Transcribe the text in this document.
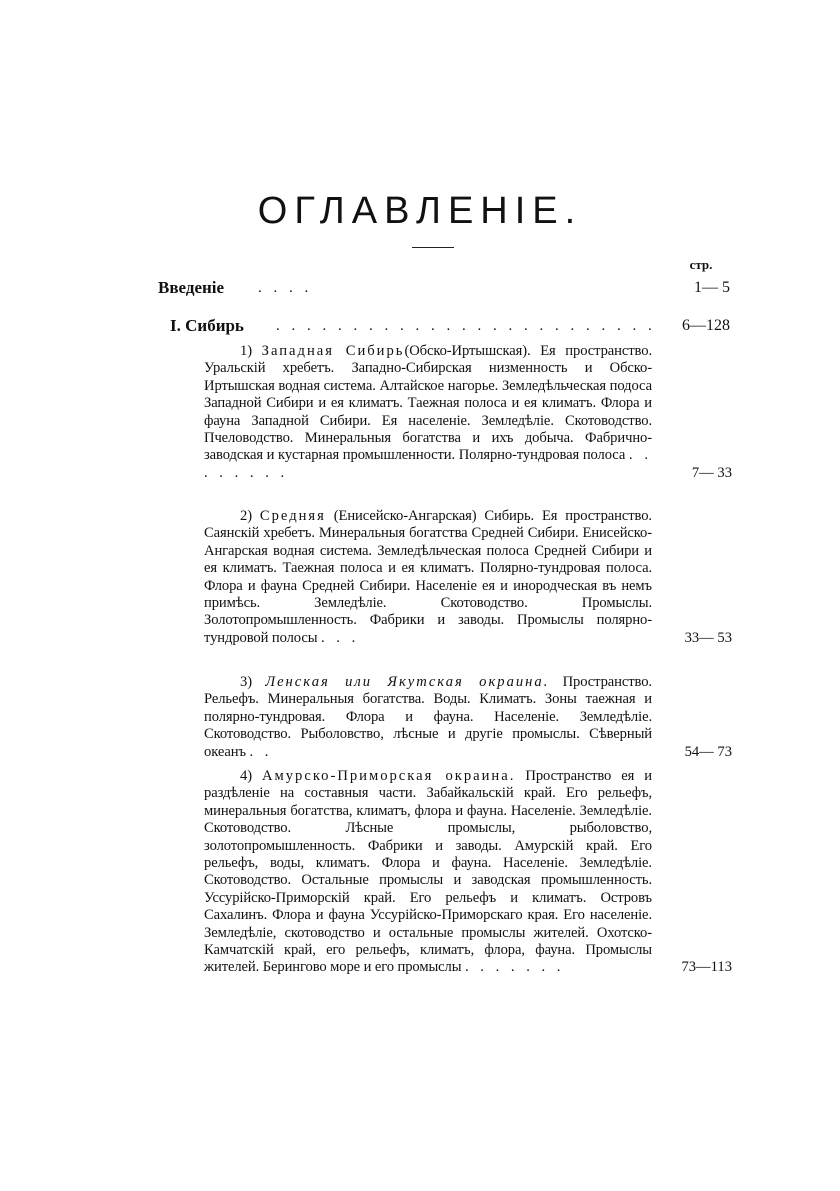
ОГЛАВЛЕНIЕ.
стр.
Введенiе . . . .	1— 5
I. Сибирь . . . . . . . . . . . . . . . . . . . . . . . . .	6—128
1) Западная Сибирь(Обско-Иртышская). Ея пространство. Уральскiй хребетъ. Западно-Сибирская низменность и Обско-Иртышская водная система. Алтайское нагорье. Земледѣльческая подоса Западной Сибири и ея климатъ. Таежная полоса и ея климатъ. Флора и фауна Западной Сибири. Ея населенiе. Земледѣлiе. Скотоводство. Пчеловодство. Минеральныя богатства и ихъ добыча. Фабрично-заводская и кустарная промышленности. Полярно-тундровая полоса . . . . . . . .	7— 33
2) Средняя (Енисейско-Ангарская) Сибирь. Ея пространство. Саянскiй хребетъ. Минеральныя богатства Средней Сибири. Енисейско-Ангарская водная система. Земледѣльческая полоса Средней Сибири и ея климатъ. Таежная полоса и ея климатъ. Полярно-тундровая полоса. Флора и фауна Средней Сибири. Населенiе ея и инородческая въ немъ примѣсь. Земледѣлiе. Скотоводство. Промыслы. Золотопромышленность. Фабрики и заводы. Промыслы полярно-тундровой полосы . . .	33— 53
3) Ленская или Якутская окраина. Пространство. Рельефъ. Минеральныя богатства. Воды. Климатъ. Зоны таежная и полярно-тундровая. Флора и фауна. Населенiе. Земледѣлiе. Скотоводство. Рыболовство, лѣсные и другiе промыслы. Сѣверный океанъ . .	54— 73
4) Амурско-Приморская окраина. Пространство ея и раздѣленiе на составныя части. Забайкальскiй край. Его рельефъ, минеральныя богатства, климатъ, флора и фауна. Населенiе. Земледѣлiе. Скотоводство. Лѣсные промыслы, рыболовство, золотопромышленность. Фабрики и заводы. Амурскiй край. Его рельефъ, воды, климатъ. Флора и фауна. Населенiе. Земледѣлiе. Скотоводство. Остальные промыслы и заводская промышленность. Уссурiйско-Приморскiй край. Его рельефъ и климатъ. Островъ Сахалинъ. Флора и фауна Уссурiйско-Приморскаго края. Его населенiе. Земледѣлiе, скотоводство и остальные промыслы жителей. Охотско-Камчатскiй край, его рельефъ, климатъ, флора, фауна. Промыслы жителей. Берингово море и его промыслы . . . . . . .	73—113
